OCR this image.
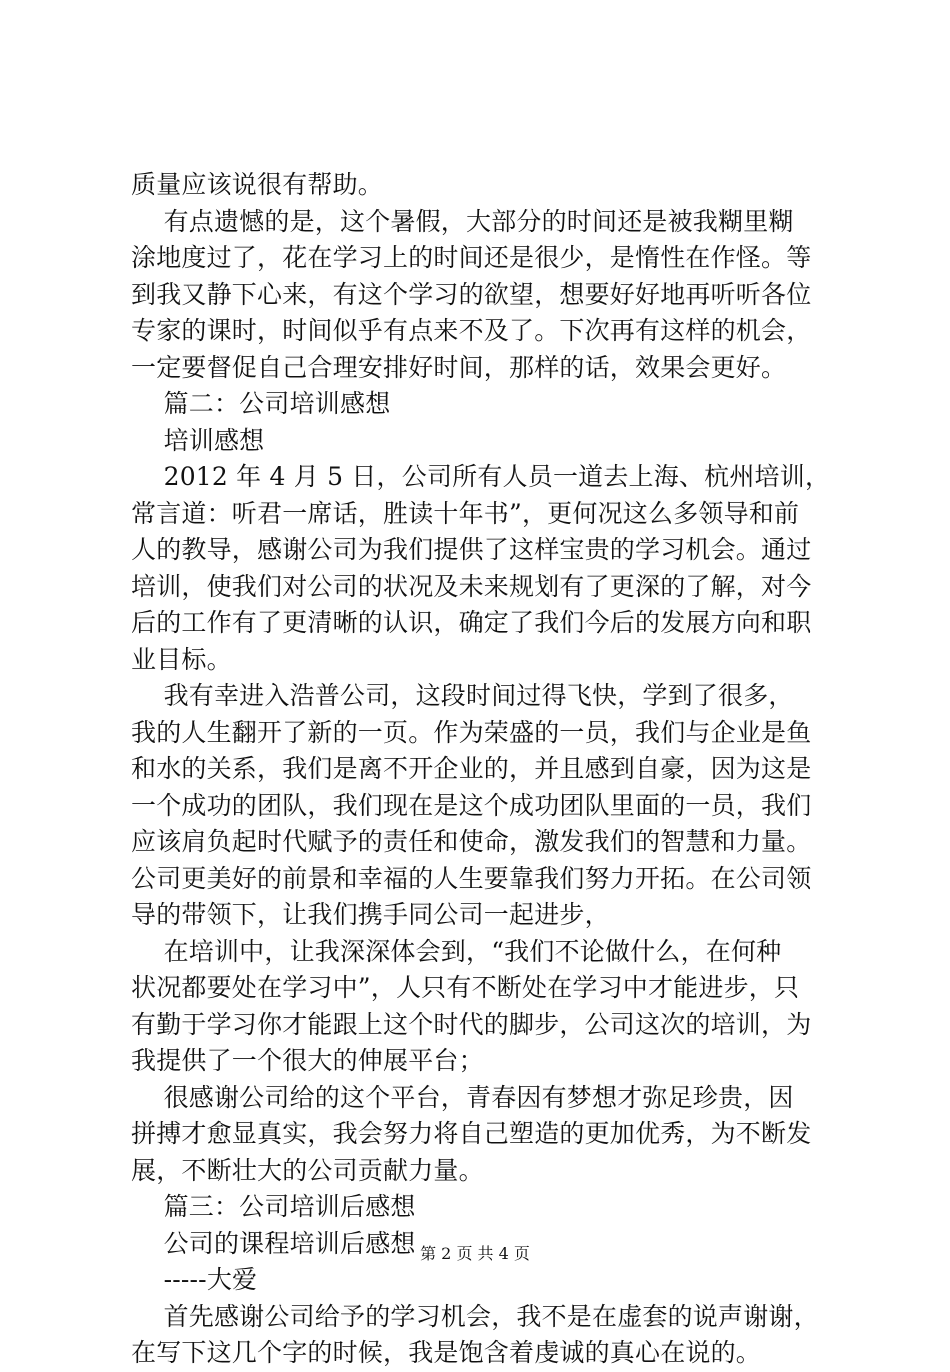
质量应该说很有帮助。
有点遗憾的是，这个暑假，大部分的时间还是被我糊里糊
涂地度过了，花在学习上的时间还是很少，是惰性在作怪。等
到我又静下心来，有这个学习的欲望，想要好好地再听听各位
专家的课时，时间似乎有点来不及了。下次再有这样的机会，
一定要督促自己合理安排好时间，那样的话，效果会更好。
篇二：公司培训感想
培训感想
2012 年 4 月 5 日，公司所有人员一道去上海、杭州培训，
常言道：听君一席话，胜读十年书”，更何况这么多领导和前
人的教导，感谢公司为我们提供了这样宝贵的学习机会。通过
培训，使我们对公司的状况及未来规划有了更深的了解，对今
后的工作有了更清晰的认识，确定了我们今后的发展方向和职
业目标。
我有幸进入浩普公司，这段时间过得飞快，学到了很多，
我的人生翻开了新的一页。作为荣盛的一员，我们与企业是鱼
和水的关系，我们是离不开企业的，并且感到自豪，因为这是
一个成功的团队，我们现在是这个成功团队里面的一员，我们
应该肩负起时代赋予的责任和使命，激发我们的智慧和力量。
公司更美好的前景和幸福的人生要靠我们努力开拓。在公司领
导的带领下，让我们携手同公司一起进步，
在培训中，让我深深体会到，“我们不论做什么，在何种
状况都要处在学习中”，人只有不断处在学习中才能进步，只
有勤于学习你才能跟上这个时代的脚步，公司这次的培训，为
我提供了一个很大的伸展平台；
很感谢公司给的这个平台，青春因有梦想才弥足珍贵，因
拼搏才愈显真实，我会努力将自己塑造的更加优秀，为不断发
展，不断壮大的公司贡献力量。
篇三：公司培训后感想
公司的课程培训后感想
-----大爱
首先感谢公司给予的学习机会，我不是在虚套的说声谢谢，
在写下这几个字的时候，我是饱含着虔诚的真心在说的。
第 2 页 共 4 页
